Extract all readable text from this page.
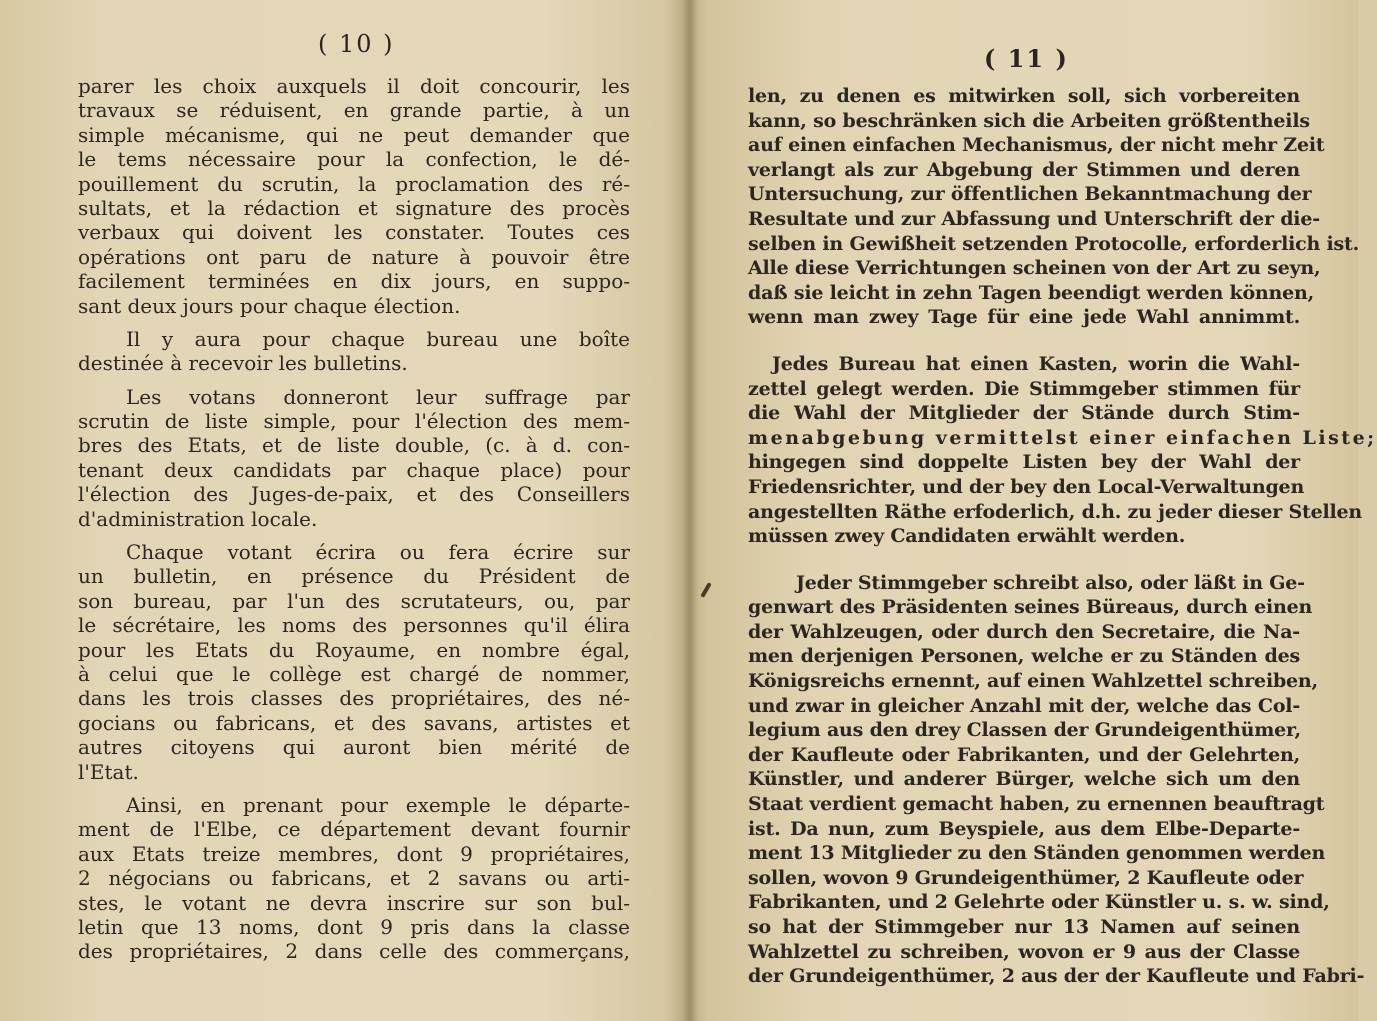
( 10 )
parer les choix auxquels il doit concourir, les
travaux se réduisent, en grande partie, à un
simple mécanisme, qui ne peut demander que
le tems nécessaire pour la confection, le dé-
pouillement du scrutin, la proclamation des ré-
sultats, et la rédaction et signature des procès
verbaux qui doivent les constater. Toutes ces
opérations ont paru de nature à pouvoir être
facilement terminées en dix jours, en suppo-
sant deux jours pour chaque élection.
Il y aura pour chaque bureau une boîte
destinée à recevoir les bulletins.
Les votans donneront leur suffrage par
scrutin de liste simple, pour l'élection des mem-
bres des Etats, et de liste double, (c. à d. con-
tenant deux candidats par chaque place) pour
l'élection des Juges-de-paix, et des Conseillers
d'administration locale.
Chaque votant écrira ou fera écrire sur
un bulletin, en présence du Président de
son bureau, par l'un des scrutateurs, ou, par
le sécrétaire, les noms des personnes qu'il élira
pour les Etats du Royaume, en nombre égal,
à celui que le collège est chargé de nommer,
dans les trois classes des propriétaires, des né-
gocians ou fabricans, et des savans, artistes et
autres citoyens qui auront bien mérité de
l'Etat.
Ainsi, en prenant pour exemple le départe-
ment de l'Elbe, ce département devant fournir
aux Etats treize membres, dont 9 propriétaires,
2 négocians ou fabricans, et 2 savans ou arti-
stes, le votant ne devra inscrire sur son bul-
letin que 13 noms, dont 9 pris dans la classe
des propriétaires, 2 dans celle des commerçans,
( 11 )
len, zu denen es mitwirken soll, sich vorbereiten
kann, so beschränken sich die Arbeiten größtentheils
auf einen einfachen Mechanismus, der nicht mehr Zeit
verlangt als zur Abgebung der Stimmen und deren
Untersuchung, zur öffentlichen Bekanntmachung der
Resultate und zur Abfassung und Unterschrift der die-
selben in Gewißheit setzenden Protocolle, erforderlich ist.
Alle diese Verrichtungen scheinen von der Art zu seyn,
daß sie leicht in zehn Tagen beendigt werden können,
wenn man zwey Tage für eine jede Wahl annimmt.
Jedes Bureau hat einen Kasten, worin die Wahl-
zettel gelegt werden. Die Stimmgeber stimmen für
die Wahl der Mitglieder der Stände durch Stim-
menabgebung vermittelst einer einfachen Liste;
hingegen sind doppelte Listen bey der Wahl der
Friedensrichter, und der bey den Local-Verwaltungen
angestellten Räthe erfoderlich, d.h. zu jeder dieser Stellen
müssen zwey Candidaten erwählt werden.
Jeder Stimmgeber schreibt also, oder läßt in Ge-
genwart des Präsidenten seines Büreaus, durch einen
der Wahlzeugen, oder durch den Secretaire, die Na-
men derjenigen Personen, welche er zu Ständen des
Königsreichs ernennt, auf einen Wahlzettel schreiben,
und zwar in gleicher Anzahl mit der, welche das Col-
legium aus den drey Classen der Grundeigenthümer,
der Kaufleute oder Fabrikanten, und der Gelehrten,
Künstler, und anderer Bürger, welche sich um den
Staat verdient gemacht haben, zu ernennen beauftragt
ist. Da nun, zum Beyspiele, aus dem Elbe-Departe-
ment 13 Mitglieder zu den Ständen genommen werden
sollen, wovon 9 Grundeigenthümer, 2 Kaufleute oder
Fabrikanten, und 2 Gelehrte oder Künstler u. s. w. sind,
so hat der Stimmgeber nur 13 Namen auf seinen
Wahlzettel zu schreiben, wovon er 9 aus der Classe
der Grundeigenthümer, 2 aus der der Kaufleute und Fabri-
